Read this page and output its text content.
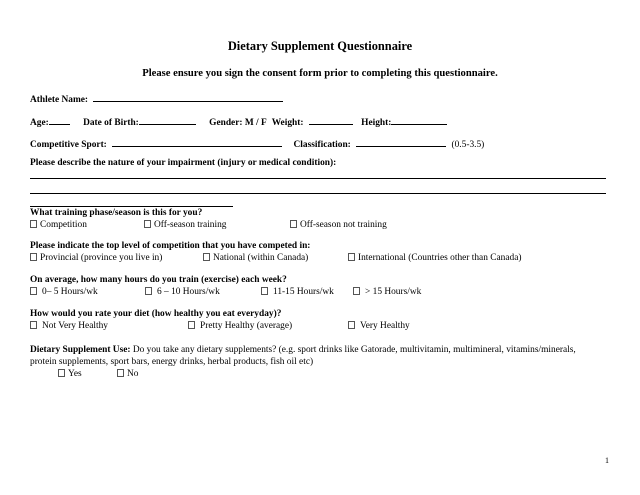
Dietary Supplement Questionnaire
Please ensure you sign the consent form prior to completing this questionnaire.
Athlete Name:
Age:	Date of Birth:	Gender: M / F Weight:	Height:
Competitive Sport:	Classification:	(0.5-3.5)
Please describe the nature of your impairment (injury or medical condition):
What training phase/season is this for you?
Competition	Off-season training	Off-season not training
Please indicate the top level of competition that you have competed in:
Provincial (province you live in)	National (within Canada)	International (Countries other than Canada)
On average, how many hours do you train (exercise) each week?
0– 5 Hours/wk	6 – 10 Hours/wk	11-15 Hours/wk	> 15 Hours/wk
How would you rate your diet (how healthy you eat everyday)?
Not Very Healthy	Pretty Healthy (average)	Very Healthy
Dietary Supplement Use: Do you take any dietary supplements? (e.g. sport drinks like Gatorade, multivitamin, multimineral, vitamins/minerals,
protein supplements, sport bars, energy drinks, herbal products, fish oil etc)
Yes	No
1
